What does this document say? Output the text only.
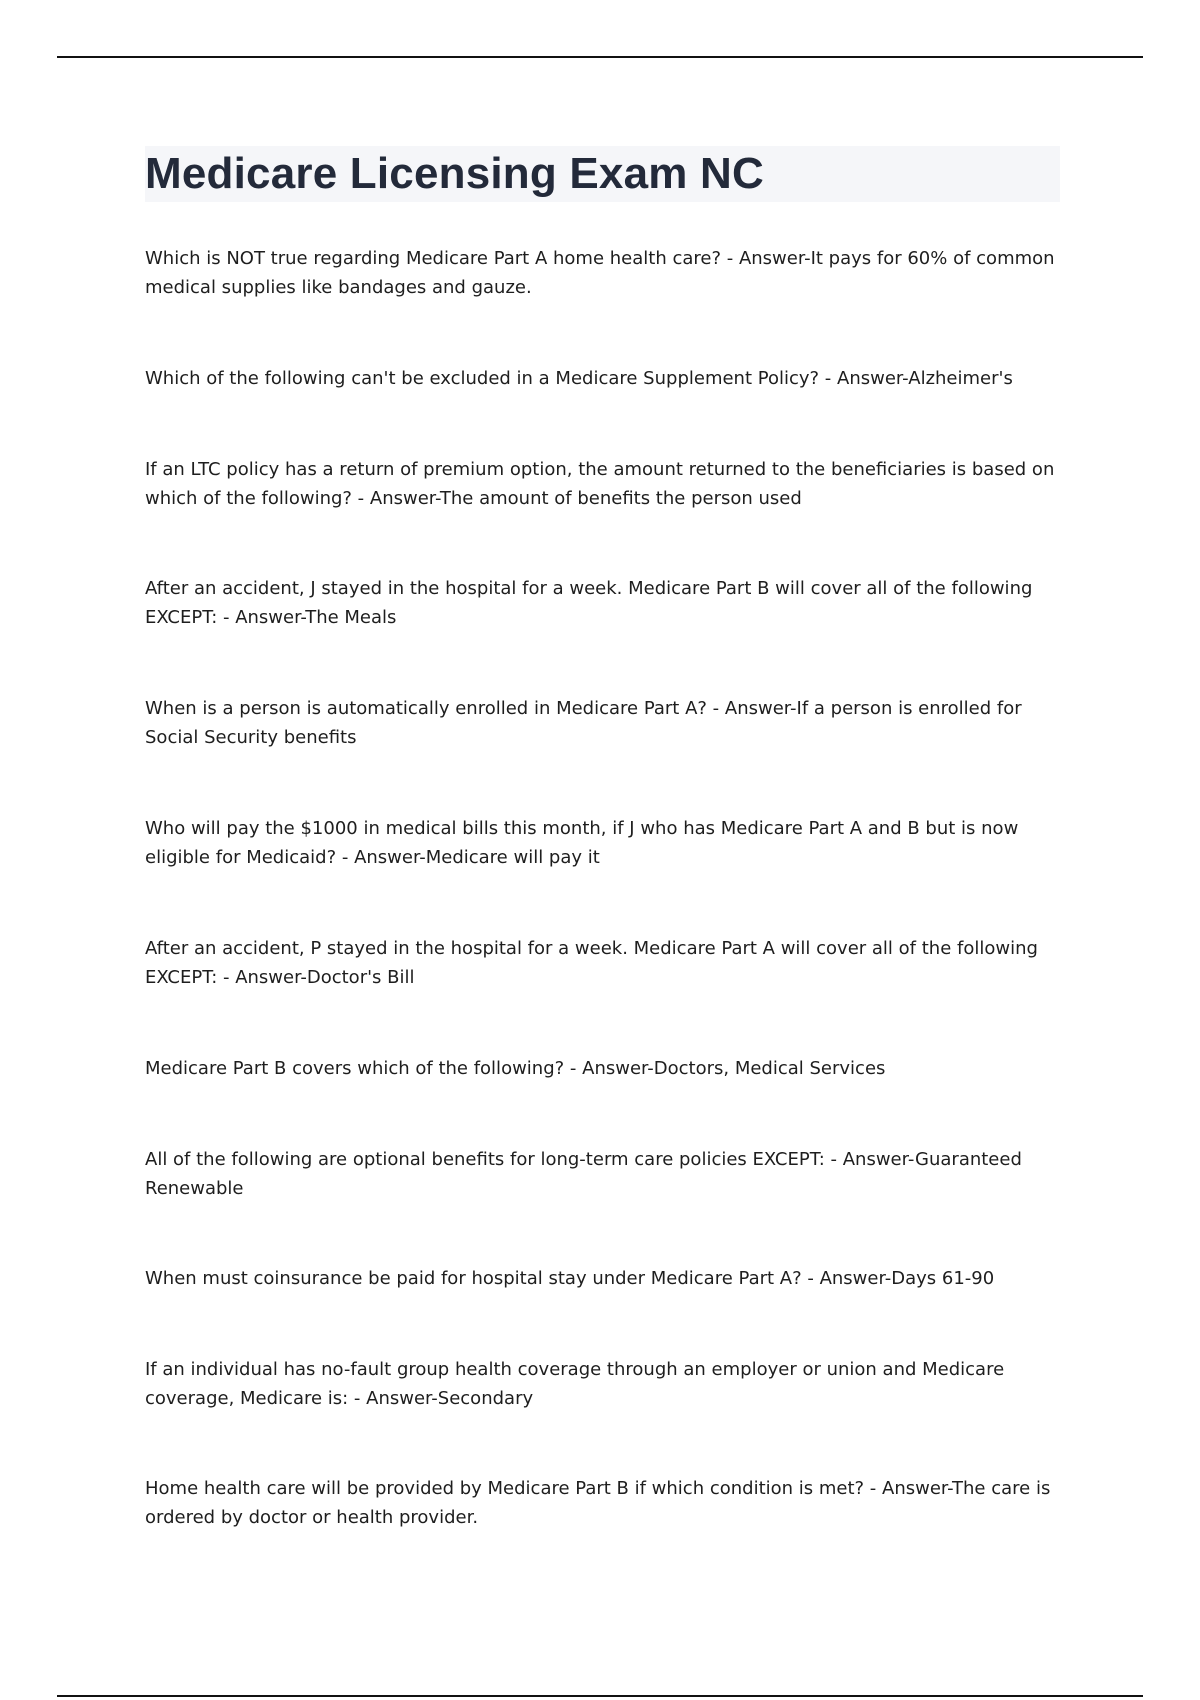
Medicare Licensing Exam NC
Which is NOT true regarding Medicare Part A home health care? - Answer-It pays for 60% of common medical supplies like bandages and gauze.
Which of the following can't be excluded in a Medicare Supplement Policy? - Answer-Alzheimer's
If an LTC policy has a return of premium option, the amount returned to the beneficiaries is based on which of the following? - Answer-The amount of benefits the person used
After an accident, J stayed in the hospital for a week. Medicare Part B will cover all of the following EXCEPT: - Answer-The Meals
When is a person is automatically enrolled in Medicare Part A? - Answer-If a person is enrolled for Social Security benefits
Who will pay the $1000 in medical bills this month, if J who has Medicare Part A and B but is now eligible for Medicaid? - Answer-Medicare will pay it
After an accident, P stayed in the hospital for a week. Medicare Part A will cover all of the following EXCEPT: - Answer-Doctor's Bill
Medicare Part B covers which of the following? - Answer-Doctors, Medical Services
All of the following are optional benefits for long-term care policies EXCEPT: - Answer-Guaranteed Renewable
When must coinsurance be paid for hospital stay under Medicare Part A? - Answer-Days 61-90
If an individual has no-fault group health coverage through an employer or union and Medicare coverage, Medicare is: - Answer-Secondary
Home health care will be provided by Medicare Part B if which condition is met? - Answer-The care is ordered by doctor or health provider.
